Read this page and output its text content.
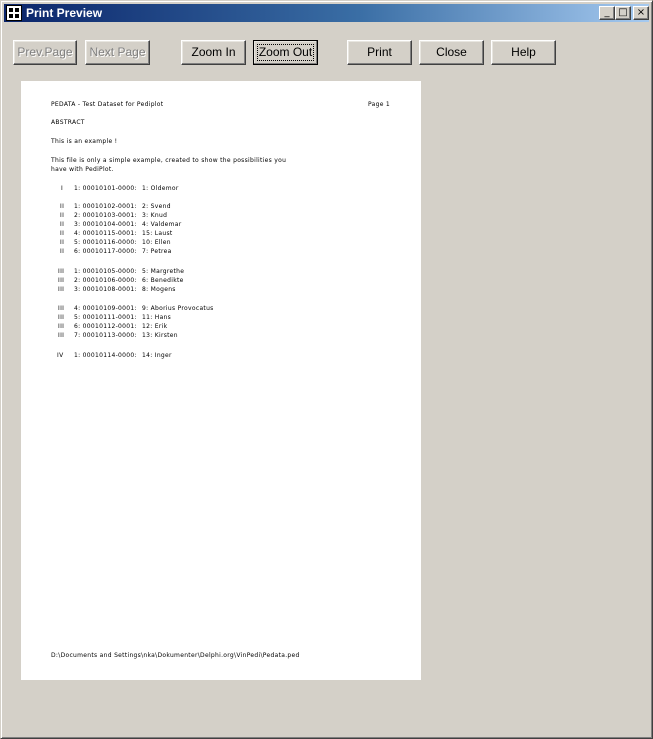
Print Preview	_ □ ×
Prev.Page	Next Page	Zoom In	Zoom Out	Print	Close	Help
PEDATA - Test Dataset for Pediplot	Page 1
ABSTRACT
This is an example !
This file is only a simple example, created to show the possibilities you
have with PediPlot.
I 1: 00010101-0000: 1: Oldemor
II 1: 00010102-0001: 2: Svend
II 2: 00010103-0001: 3: Knud
II 3: 00010104-0001: 4: Valdemar
II 4: 00010115-0001: 15: Laust
II 5: 00010116-0000: 10: Ellen
II 6: 00010117-0000: 7: Petrea
III 1: 00010105-0000: 5: Margrethe
III 2: 00010106-0000: 6: Benedikte
III 3: 00010108-0001: 8: Mogens
III 4: 00010109-0001: 9: Aborius Provocatus
III 5: 00010111-0001: 11: Hans
III 6: 00010112-0001: 12: Erik
III 7: 00010113-0000: 13: Kirsten
IV 1: 00010114-0000: 14: Inger
D:\Documents and Settings\nka\Dokumenter\Delphi.org\VinPedi\Pedata.ped
